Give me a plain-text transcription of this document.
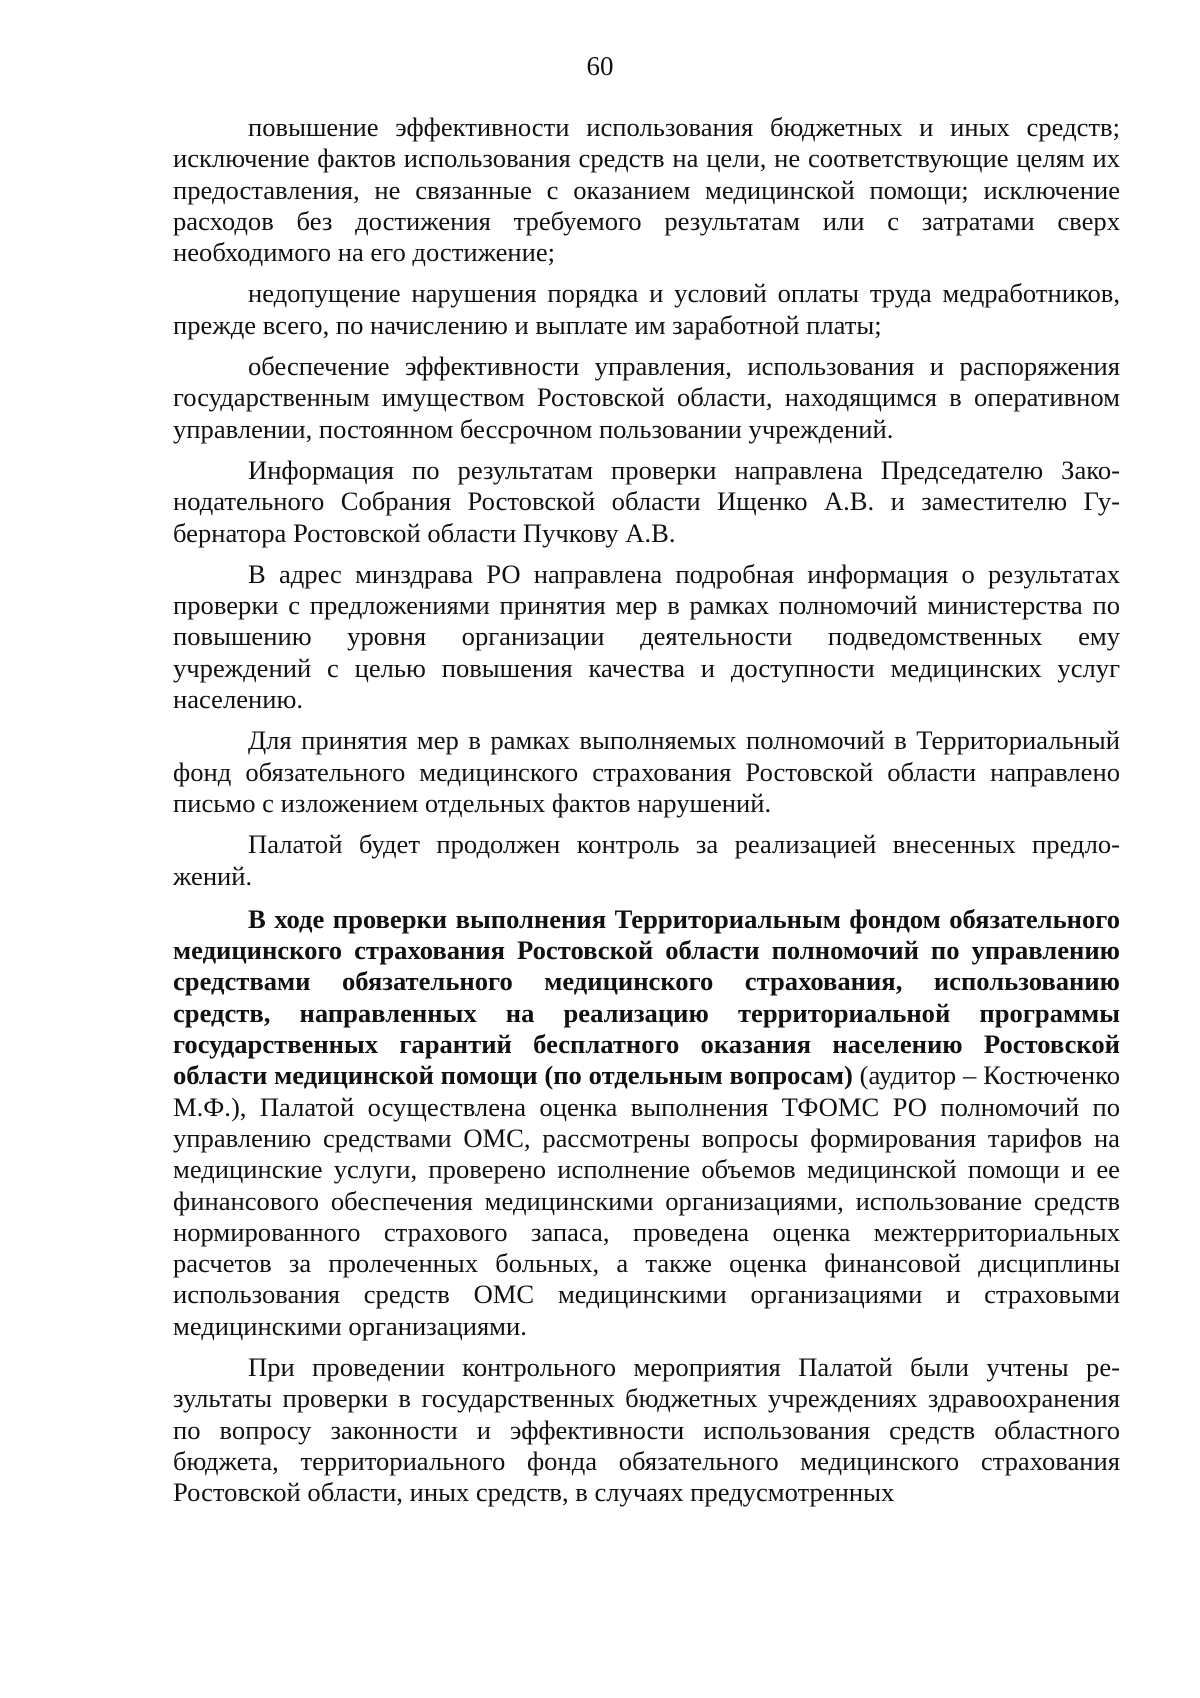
60

повышение эффективности использования бюджетных и иных средств; исключение фактов использования средств на цели, не соответствующие целям их предоставления, не связанные с оказанием медицинской помощи; исключение расходов без достижения требуемого результатам или с затратами сверх необходимого на его достижение;

недопущение нарушения порядка и условий оплаты труда медработников, прежде всего, по начислению и выплате им заработной платы;

обеспечение эффективности управления, использования и распоряжения государственным имуществом Ростовской области, находящимся в оперативном управлении, постоянном бессрочном пользовании учреждений.

Информация по результатам проверки направлена Председателю Законодательного Собрания Ростовской области Ищенко А.В. и заместителю Губернатора Ростовской области Пучкову А.В.

В адрес минздрава РО направлена подробная информация о результатах проверки с предложениями принятия мер в рамках полномочий министерства по повышению уровня организации деятельности подведомственных ему учреждений с целью повышения качества и доступности медицинских услуг населению.

Для принятия мер в рамках выполняемых полномочий в Территориальный фонд обязательного медицинского страхования Ростовской области направлено письмо с изложением отдельных фактов нарушений.

Палатой будет продолжен контроль за реализацией внесенных предложений.

В ходе проверки выполнения Территориальным фондом обязательного медицинского страхования Ростовской области полномочий по управлению средствами обязательного медицинского страхования, использованию средств, направленных на реализацию территориальной программы государственных гарантий бесплатного оказания населению Ростовской области медицинской помощи (по отдельным вопросам) (аудитор – Костюченко М.Ф.), Палатой осуществлена оценка выполнения ТФОМС РО полномочий по управлению средствами ОМС, рассмотрены вопросы формирования тарифов на медицинские услуги, проверено исполнение объемов медицинской помощи и ее финансового обеспечения медицинскими организациями, использование средств нормированного страхового запаса, проведена оценка межтерриториальных расчетов за пролеченных больных, а также оценка финансовой дисциплины использования средств ОМС медицинскими организациями и страховыми медицинскими организациями.

При проведении контрольного мероприятия Палатой были учтены результаты проверки в государственных бюджетных учреждениях здравоохранения по вопросу законности и эффективности использования средств областного бюджета, территориального фонда обязательного медицинского страхования Ростовской области, иных средств, в случаях предусмотренных
